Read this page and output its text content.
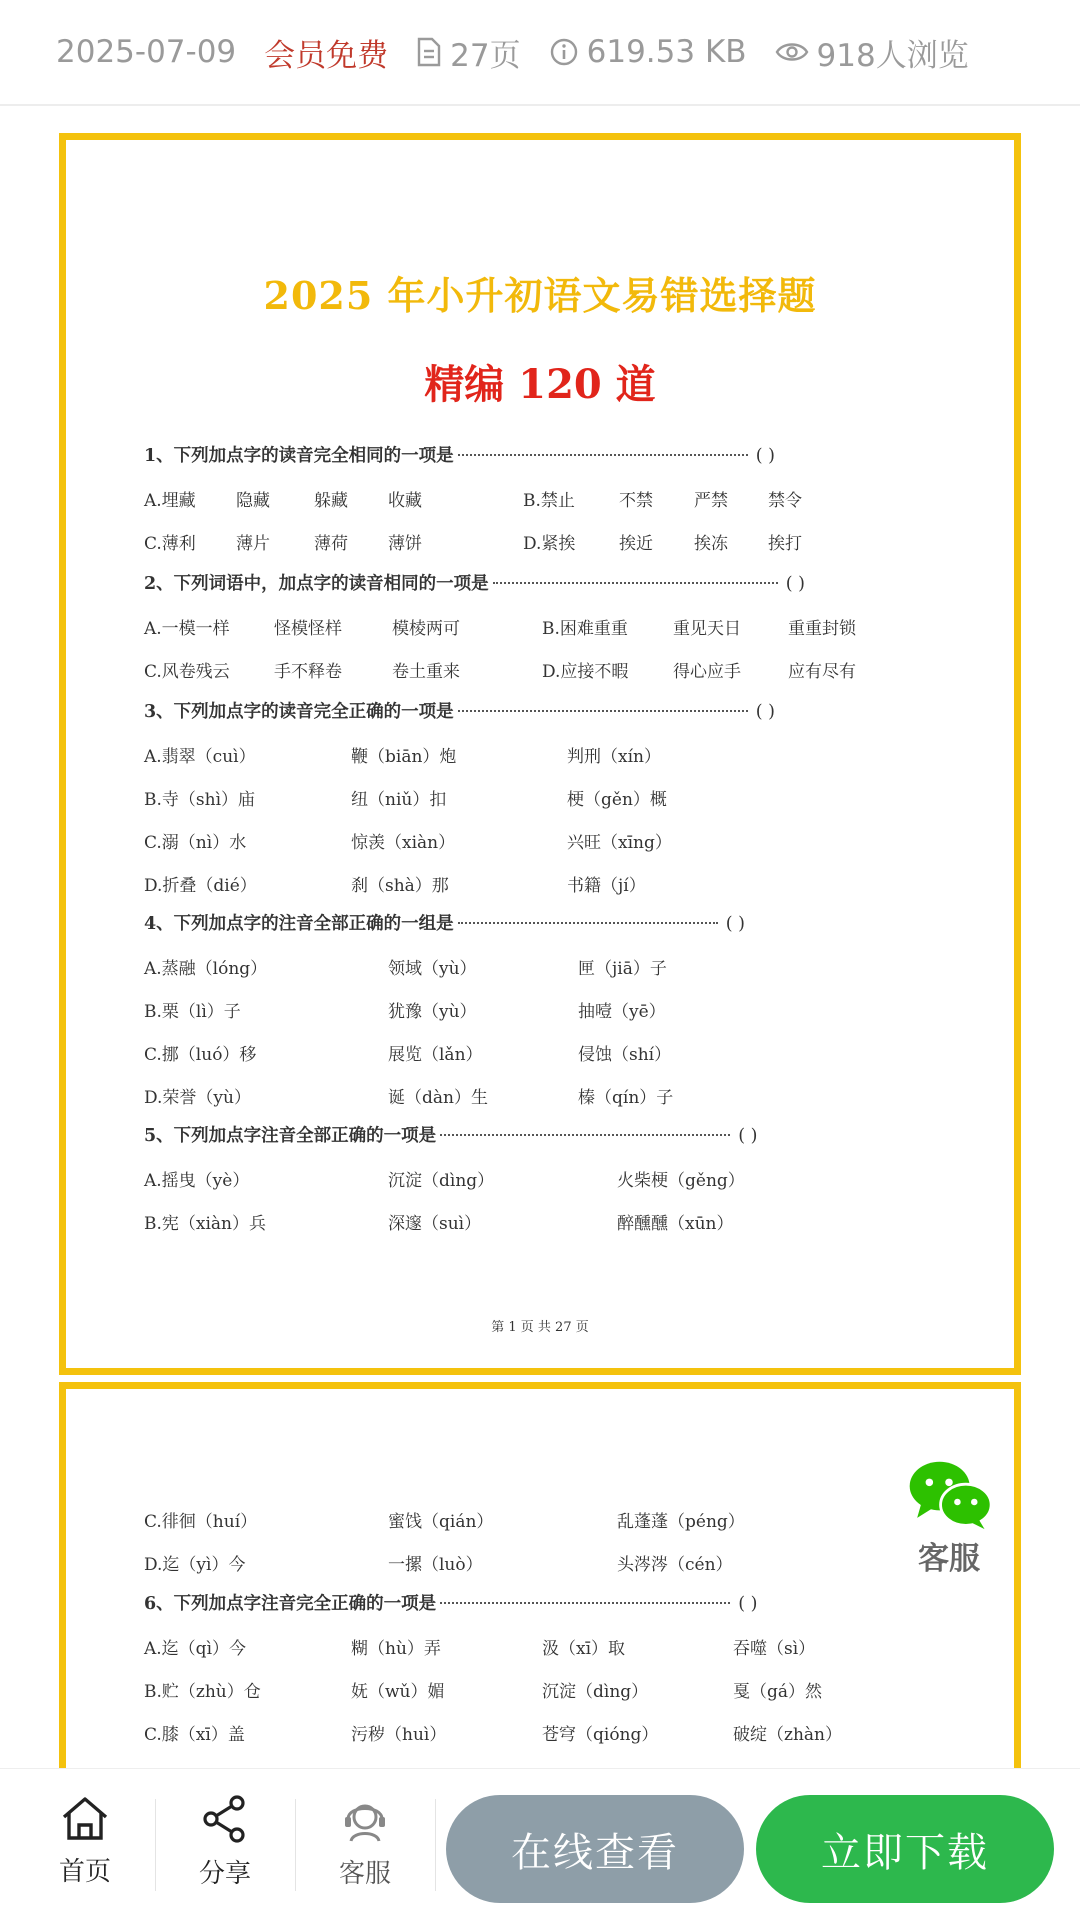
2025-07-09 会员免费 27页 619.53 KB 918人浏览
2025 年小升初语文易错选择题
精编 120 道
1、下列加点字的读音完全相同的一项是	( )
A.埋藏 隐藏	躲藏 收藏	B.禁止	不禁 严禁 禁令
C.薄利 薄片	薄荷 薄饼	D.紧挨	挨近 挨冻 挨打
2、下列词语中，加点字的读音相同的一项是	( )
A.一模一样	怪模怪样	模棱两可	B.困难重重	重见天日	重重封锁
C.风卷残云	手不释卷	卷土重来	D.应接不暇	得心应手	应有尽有
3、下列加点字的读音完全正确的一项是	( )
A.翡翠（cuì）	鞭（biān）炮	判刑（xín）
B.寺（shì）庙	纽（niǔ）扣	梗（gěn）概
C.溺（nì）水	惊羡（xiàn）	兴旺（xīng）
D.折叠（dié）	刹（shà）那	书籍（jí）
4、下列加点字的注音全部正确的一组是	( )
A.蒸融（lóng）	领域（yù）	匣（jiā）子
B.栗（lì）子	犹豫（yù）	抽噎（yē）
C.挪（luó）移	展览（lǎn）	侵蚀（shí）
D.荣誉（yù）	诞（dàn）生	榛（qín）子
5、下列加点字注音全部正确的一项是	( )
A.摇曳（yè）	沉淀（dìng）	火柴梗（gěng）
B.宪（xiàn）兵	深邃（suì）	醉醺醺（xūn）
第 1 页 共 27 页
C.徘徊（huí）	蜜饯（qián）	乱蓬蓬（péng）
D.迄（yì）今	一摞（luò）	头涔涔（cén）
6、下列加点字注音完全正确的一项是	( )
A.迄（qì）今	糊（hù）弄	汲（xī）取	吞噬（sì）
B.贮（zhù）仓	妩（wǔ）媚	沉淀（dìng）	戛（gá）然
C.膝（xī）盖	污秽（huì）	苍穹（qióng）	破绽（zhàn）
客服
首页	分享	客服	在线查看	立即下载
